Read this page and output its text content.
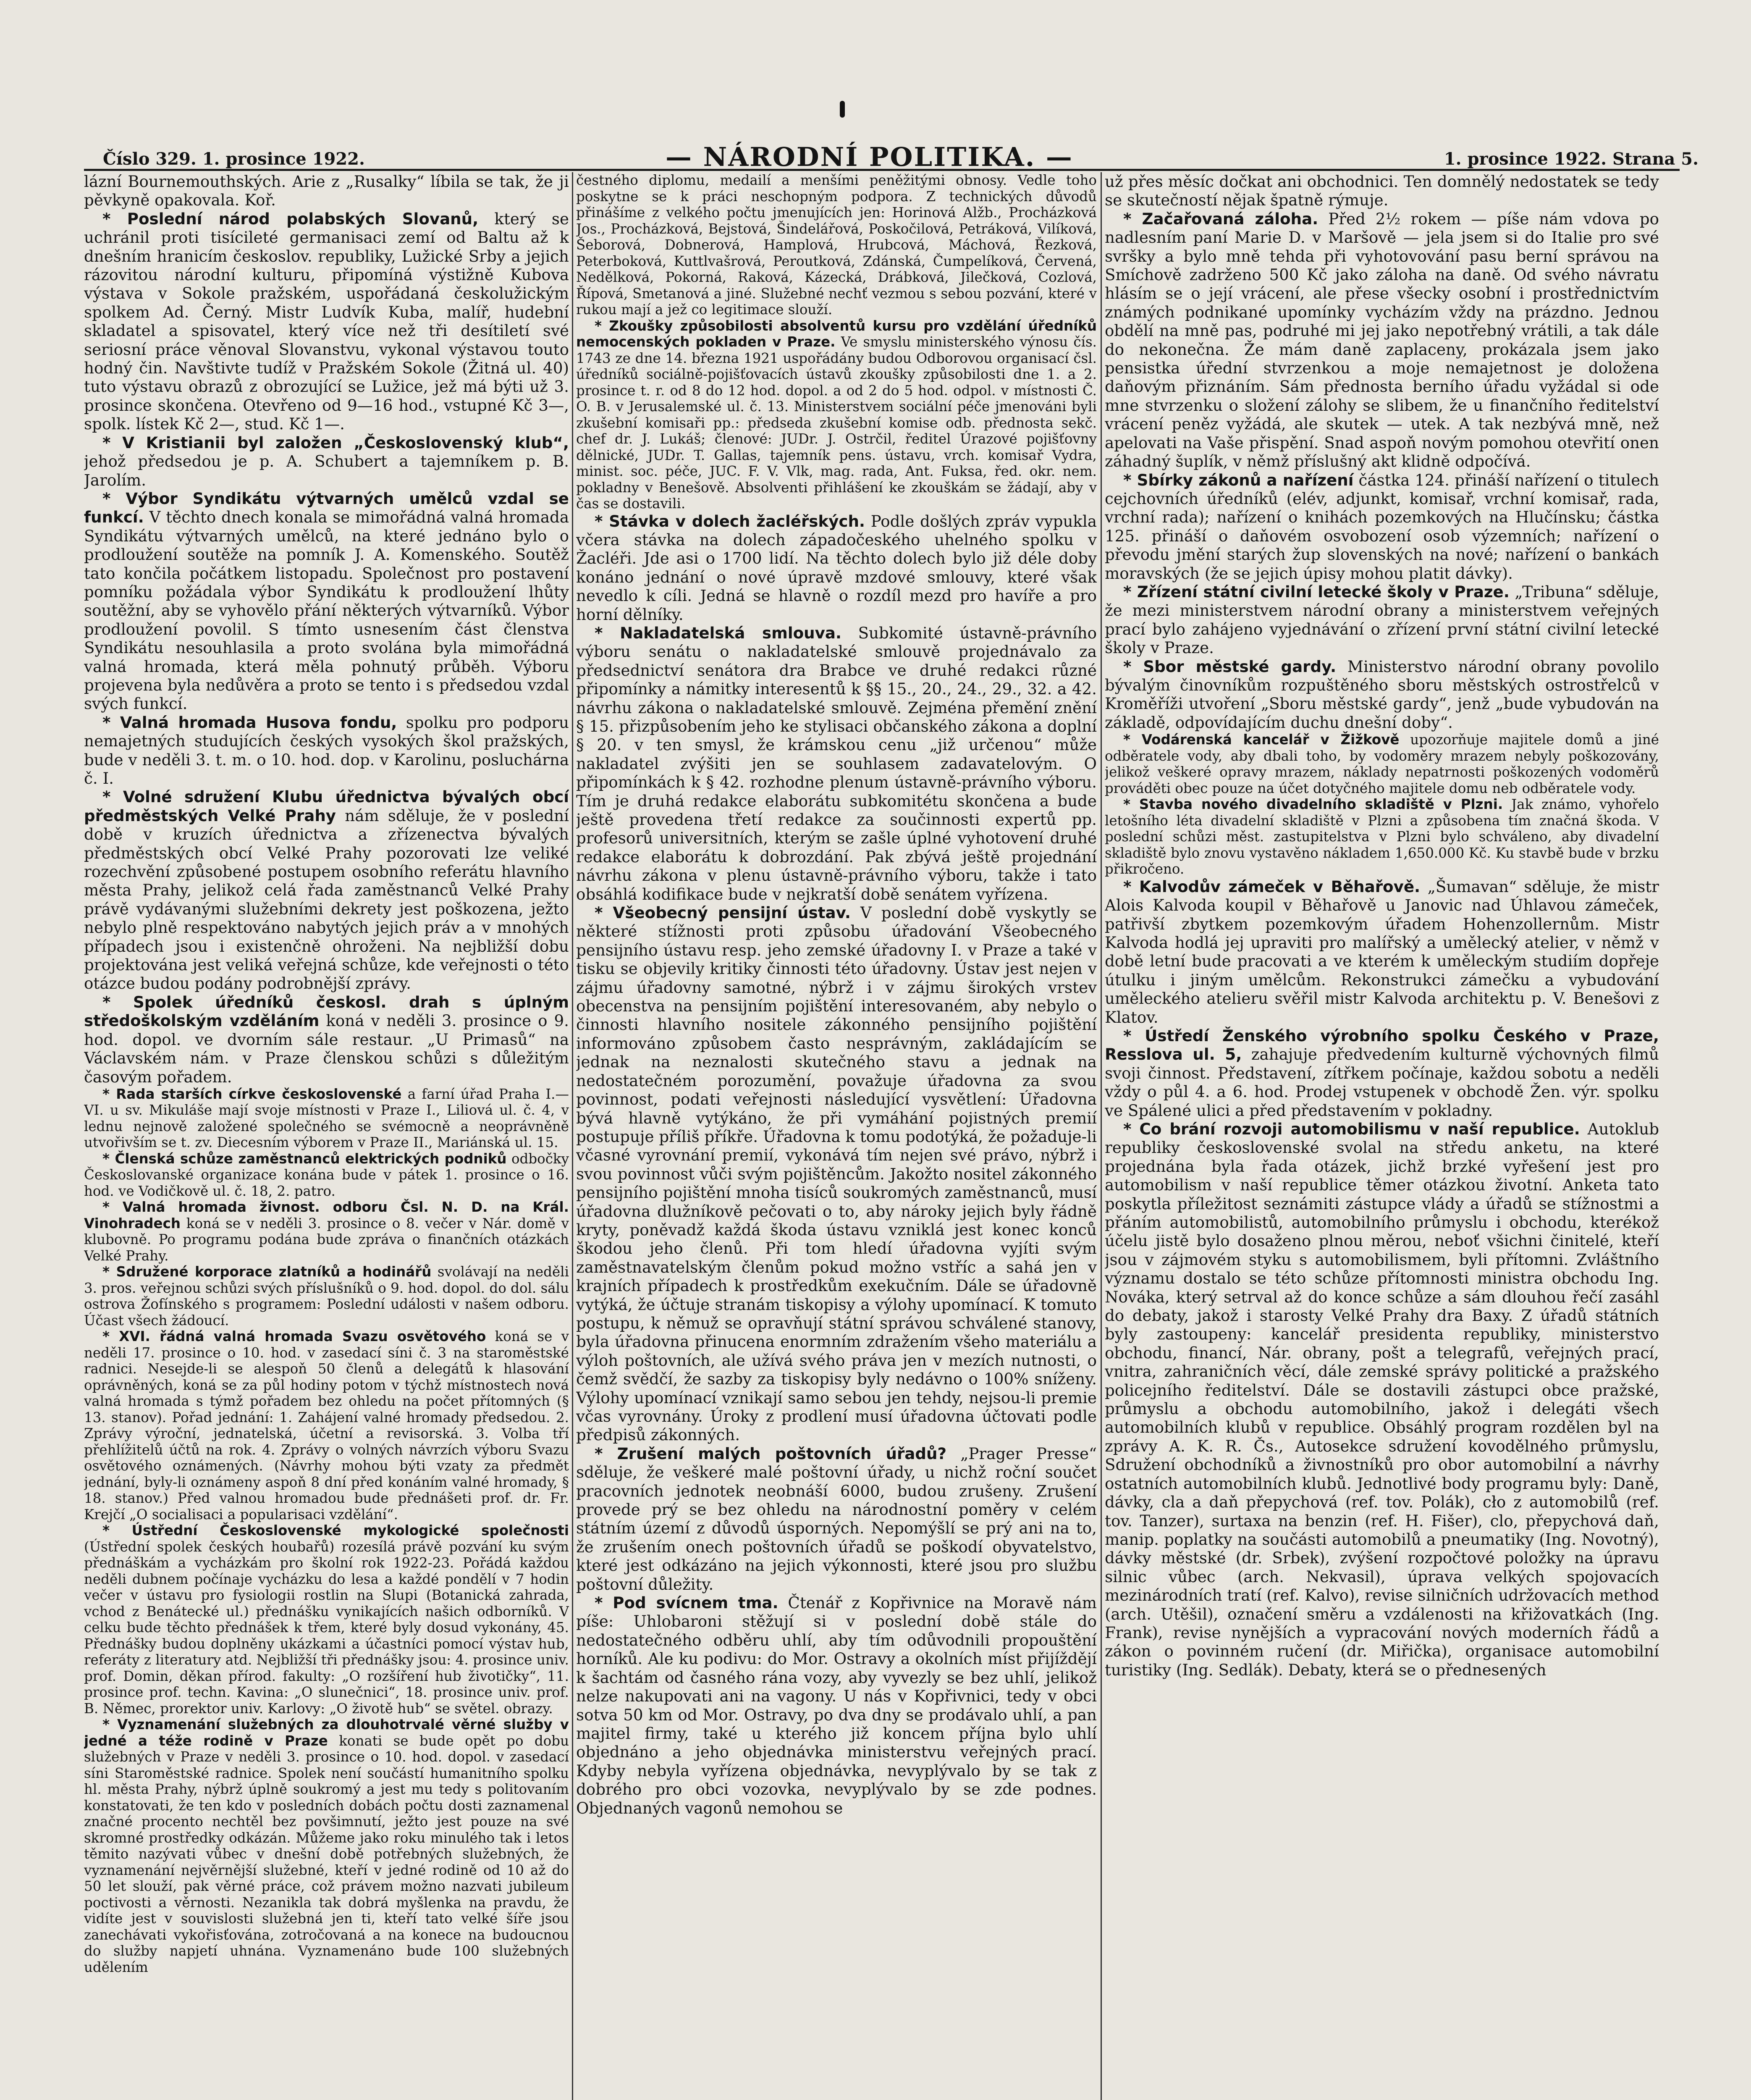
Číslo 329. 1. prosince 1922.	— NÁRODNÍ POLITIKA. —	1. prosince 1922. Strana 5.

lázní Bournemouthských. Arie z „Rusalky“ líbila se tak, že ji pěvkyně opakovala. Koř.

* Poslední národ polabských Slovanů, který se uchránil proti tisícileté germanisaci zemí od Baltu až k dnešním hranicím českoslov. republiky, Lužické Srby a jejich rázovitou národní kulturu, připomíná výstižně Kubova výstava v Sokole pražském, uspořádaná českolužickým spolkem Ad. Černý. Mistr Ludvík Kuba, malíř, hudební skladatel a spisovatel, který více než tři desítiletí své seriosní práce věnoval Slovanstvu, vykonal výstavou touto hodný čin. Navštivte tudíž v Pražském Sokole (Žitná ul. 40) tuto výstavu obrazů z obrozující se Lužice, jež má býti už 3. prosince skončena. Otevřeno od 9—16 hod., vstupné Kč 3—, spolk. lístek Kč 2—, stud. Kč 1—.

* V Kristianii byl založen „Československý klub“, jehož předsedou je p. A. Schubert a tajemníkem p. B. Jarolím.

* Výbor Syndikátu výtvarných umělců vzdal se funkcí. V těchto dnech konala se mimořádná valná hromada Syndikátu výtvarných umělců, na které jednáno bylo o prodloužení soutěže na pomník J. A. Komenského. Soutěž tato končila počátkem listopadu. Společnost pro postavení pomníku požádala výbor Syndikátu k prodloužení lhůty soutěžní, aby se vyhovělo přání některých výtvarníků. Výbor prodloužení povolil. S tímto usnesením část členstva Syndikátu nesouhlasila a proto svolána byla mimořádná valná hromada, která měla pohnutý průběh. Výboru projevena byla nedůvěra a proto se tento i s předsedou vzdal svých funkcí.

* Valná hromada Husova fondu, spolku pro podporu nemajetných studujících českých vysokých škol pražských, bude v neděli 3. t. m. o 10. hod. dop. v Karolinu, posluchárna č. I.

* Volné sdružení Klubu úřednictva bývalých obcí předměstských Velké Prahy nám sděluje, že v poslední době v kruzích úřednictva a zřízenectva bývalých předměstských obcí Velké Prahy pozorovati lze veliké rozechvění způsobené postupem osobního referátu hlavního města Prahy, jelikož celá řada zaměstnanců Velké Prahy právě vydávanými služebními dekrety jest poškozena, ježto nebylo plně respektováno nabytých jejich práv a v mnohých případech jsou i existenčně ohroženi. Na nejbližší dobu projektována jest veliká veřejná schůze, kde veřejnosti o této otázce budou podány podrobnější zprávy.

* Spolek úředníků českosl. drah s úplným středoškolským vzděláním koná v neděli 3. prosince o 9. hod. dopol. ve dvorním sále restaur. „U Primasů“ na Václavském nám. v Praze členskou schůzi s důležitým časovým pořadem.

* Rada starších církve československé a farní úřad Praha I.—VI. u sv. Mikuláše mají svoje místnosti v Praze I., Liliová ul. č. 4, v lednu nejnově založené společného se svémocně a neoprávněně utvořivším se t. zv. Diecesním výborem v Praze II., Mariánská ul. 15.

* Členská schůze zaměstnanců elektrických podniků odbočky Českoslovanské organizace konána bude v pátek 1. prosince o 16. hod. ve Vodičkově ul. č. 18, 2. patro.

* Valná hromada živnost. odboru Čsl. N. D. na Král. Vinohradech koná se v neděli 3. prosince o 8. večer v Nár. domě v klubovně. Po programu podána bude zpráva o finančních otázkách Velké Prahy.

* Sdružené korporace zlatníků a hodinářů svolávají na neděli 3. pros. veřejnou schůzi svých příslušníků o 9. hod. dopol. do dol. sálu ostrova Žofínského s programem: Poslední události v našem odboru. Účast všech žádoucí.

* XVI. řádná valná hromada Svazu osvětového koná se v neděli 17. prosince o 10. hod. v zasedací síni č. 3 na staroměstské radnici. Nesejde-li se alespoň 50 členů a delegátů k hlasování oprávněných, koná se za půl hodiny potom v týchž místnostech nová valná hromada s týmž pořadem bez ohledu na počet přítomných (§ 13. stanov). Pořad jednání: 1. Zahájení valné hromady předsedou. 2. Zprávy výroční, jednatelská, účetní a revisorská. 3. Volba tří přehlížitelů účtů na rok. 4. Zprávy o volných návrzích výboru Svazu osvětového oznámených. (Návrhy mohou býti vzaty za předmět jednání, byly-li oznámeny aspoň 8 dní před konáním valné hromady, § 18. stanov.) Před valnou hromadou bude přednášeti prof. dr. Fr. Krejčí „O socialisaci a popularisaci vzdělání“.

* Ústřední Československé mykologické společnosti (Ústřední spolek českých houbařů) rozesílá právě pozvání ku svým přednáškám a vycházkám pro školní rok 1922-23. Pořádá každou neděli dubnem počínaje vycházku do lesa a každé pondělí v 7 hodin večer v ústavu pro fysiologii rostlin na Slupi (Botanická zahrada, vchod z Benátecké ul.) přednášku vynikajících našich odborníků. V celku bude těchto přednášek k třem, které byly dosud vykonány, 45. Přednášky budou doplněny ukázkami a účastníci pomocí výstav hub, referáty z literatury atd. Nejbližší tři přednášky jsou: 4. prosince univ. prof. Domin, děkan přírod. fakulty: „O rozšíření hub životičky“, 11. prosince prof. techn. Kavina: „O slunečnici“, 18. prosince univ. prof. B. Němec, prorektor univ. Karlovy: „O životě hub“ se světel. obrazy.

* Vyznamenání služebných za dlouhotrvalé věrné služby v jedné a téže rodině v Praze konati se bude opět po dobu služebných v Praze v neděli 3. prosince o 10. hod. dopol. v zasedací síni Staroměstské radnice. Spolek není součástí humanitního spolku hl. města Prahy, nýbrž úplně soukromý a jest mu tedy s politovaním konstatovati, že ten kdo v posledních dobách počtu dosti zaznamenal značné procento nechtěl bez povšimnutí, ježto jest pouze na své skromné prostředky odkázán. Můžeme jako roku minulého tak i letos těmito nazývati vůbec v dnešní době potřebných služebných, že vyznamenání nejvěrnější služebné, kteří v jedné rodině od 10 až do 50 let slouží, pak věrné práce, což právem možno nazvati jubileum poctivosti a věrnosti. Nezanikla tak dobrá myšlenka na pravdu, že vidíte jest v souvislosti služebná jen ti, kteří tato velké šíře jsou zanechávati vykořisťována, zotročovaná a na konece na budoucnou do služby napjetí uhnána. Vyznamenáno bude 100 služebných udělením

čestného diplomu, medailí a menšími peněžitými obnosy. Vedle toho poskytne se k práci neschopným podpora. Z technických důvodů přinášíme z velkého počtu jmenujících jen: Horinová Alžb., Procházková Jos., Procházková, Bejstová, Šindelářová, Poskočilová, Petráková, Vilíková, Šeborová, Dobnerová, Hamplová, Hrubcová, Máchová, Řezková, Peterboková, Kuttlvašrová, Peroutková, Zdánská, Čumpelíková, Červená, Nedělková, Pokorná, Raková, Kázecká, Drábková, Jilečková, Cozlová, Řípová, Smetanová a jiné. Služebné nechť vezmou s sebou pozvání, které v rukou mají a jež co legitimace slouží.

* Zkoušky způsobilosti absolventů kursu pro vzdělání úředníků nemocenských pokladen v Praze. Ve smyslu ministerského výnosu čís. 1743 ze dne 14. března 1921 uspořádány budou Odborovou organisací čsl. úředníků sociálně-pojišťovacích ústavů zkoušky způsobilosti dne 1. a 2. prosince t. r. od 8 do 12 hod. dopol. a od 2 do 5 hod. odpol. v místnosti Č. O. B. v Jerusalemské ul. č. 13. Ministerstvem sociální péče jmenováni byli zkušební komisaři pp.: předseda zkušební komise odb. přednosta sekč. chef dr. J. Lukáš; členové: JUDr. J. Ostrčil, ředitel Úrazové pojišťovny dělnické, JUDr. T. Gallas, tajemník pens. ústavu, vrch. komisař Vydra, minist. soc. péče, JUC. F. V. Vlk, mag. rada, Ant. Fuksa, řed. okr. nem. pokladny v Benešově. Absolventi přihlášení ke zkouškám se žádají, aby v čas se dostavili.

* Stávka v dolech žacléřských. Podle došlých zpráv vypukla včera stávka na dolech západočeského uhelného spolku v Žacléři. Jde asi o 1700 lidí. Na těchto dolech bylo již déle doby konáno jednání o nové úpravě mzdové smlouvy, které však nevedlo k cíli. Jedná se hlavně o rozdíl mezd pro havíře a pro horní dělníky.

* Nakladatelská smlouva. Subkomité ústavně-právního výboru senátu o nakladatelské smlouvě projednávalo za předsednictví senátora dra Brabce ve druhé redakci různé připomínky a námitky interesentů k §§ 15., 20., 24., 29., 32. a 42. návrhu zákona o nakladatelské smlouvě. Zejména přemění znění § 15. přizpůsobením jeho ke stylisaci občanského zákona a doplní § 20. v ten smysl, že krámskou cenu „již určenou“ může nakladatel zvýšiti jen se souhlasem zadavatelovým. O připomínkách k § 42. rozhodne plenum ústavně-právního výboru. Tím je druhá redakce elaborátu subkomitétu skončena a bude ještě provedena třetí redakce za součinnosti expertů pp. profesorů universitních, kterým se zašle úplné vyhotovení druhé redakce elaborátu k dobrozdání. Pak zbývá ještě projednání návrhu zákona v plenu ústavně-právního výboru, takže i tato obsáhlá kodifikace bude v nejkratší době senátem vyřízena.

* Všeobecný pensijní ústav. V poslední době vyskytly se některé stížnosti proti způsobu úřadování Všeobecného pensijního ústavu resp. jeho zemské úřadovny I. v Praze a také v tisku se objevily kritiky činnosti této úřadovny. Ústav jest nejen v zájmu úřadovny samotné, nýbrž i v zájmu širokých vrstev obecenstva na pensijním pojištění interesovaném, aby nebylo o činnosti hlavního nositele zákonného pensijního pojištění informováno způsobem často nesprávným, zakládajícím se jednak na neznalosti skutečného stavu a jednak na nedostatečném porozumění, považuje úřadovna za svou povinnost, podati veřejnosti následující vysvětlení: Úřadovna bývá hlavně vytýkáno, že při vymáhání pojistných premií postupuje příliš příkře. Úřadovna k tomu podotýká, že požaduje-li včasné vyrovnání premií, vykonává tím nejen své právo, nýbrž i svou povinnost vůči svým pojištěncům. Jakožto nositel zákonného pensijního pojištění mnoha tisíců soukromých zaměstnanců, musí úřadovna dlužníkově pečovati o to, aby nároky jejich byly řádně kryty, poněvadž každá škoda ústavu vzniklá jest konec konců škodou jeho členů. Při tom hledí úřadovna vyjíti svým zaměstnavatelským členům pokud možno vstříc a sahá jen v krajních případech k prostředkům exekučním. Dále se úřadovně vytýká, že účtuje stranám tiskopisy a výlohy upomínací. K tomuto postupu, k němuž se opravňují státní správou schválené stanovy, byla úřadovna přinucena enormním zdražením všeho materiálu a výloh poštovních, ale užívá svého práva jen v mezích nutnosti, o čemž svědčí, že sazby za tiskopisy byly nedávno o 100% sníženy. Výlohy upomínací vznikají samo sebou jen tehdy, nejsou-li premie včas vyrovnány. Úroky z prodlení musí úřadovna účtovati podle předpisů zákonných.

* Zrušení malých poštovních úřadů? „Prager Presse“ sděluje, že veškeré malé poštovní úřady, u nichž roční součet pracovních jednotek neobnáší 6000, budou zrušeny. Zrušení provede prý se bez ohledu na národnostní poměry v celém státním území z důvodů úsporných. Nepomýšlí se prý ani na to, že zrušením onech poštovních úřadů se poškodí obyvatelstvo, které jest odkázáno na jejich výkonnosti, které jsou pro službu poštovní důležity.

* Pod svícnem tma. Čtenář z Kopřivnice na Moravě nám píše: Uhlobaroni stěžují si v poslední době stále do nedostatečného odběru uhlí, aby tím odůvodnili propouštění horníků. Ale ku podivu: do Mor. Ostravy a okolních míst přijíždějí k šachtám od časného rána vozy, aby vyvezly se bez uhlí, jelikož nelze nakupovati ani na vagony. U nás v Kopřivnici, tedy v obci sotva 50 km od Mor. Ostravy, po dva dny se prodávalo uhlí, a pan majitel firmy, také u kterého již koncem příjna bylo uhlí objednáno a jeho objednávka ministerstvu veřejných prací. Kdyby nebyla vyřízena objednávka, nevyplývalo by se tak z dobrého pro obci vozovka, nevyplývalo by se zde podnes. Objednaných vagonů nemohou se

už přes měsíc dočkat ani obchodnici. Ten domnělý nedostatek se tedy se skutečností nějak špatně rýmuje.

* Začařovaná záloha. Před 2½ rokem — píše nám vdova po nadlesním paní Marie D. v Maršově — jela jsem si do Italie pro své svršky a bylo mně tehda při vyhotovování pasu berní správou na Smíchově zadrženo 500 Kč jako záloha na daně. Od svého návratu hlásím se o její vrácení, ale přese všecky osobní i prostřednictvím známých podnikané upomínky vycházím vždy na prázdno. Jednou obdělí na mně pas, podruhé mi jej jako nepotřebný vrátili, a tak dále do nekonečna. Že mám daně zaplaceny, prokázala jsem jako pensistka úřední stvrzenkou a moje nemajetnost je doložena daňovým přiznáním. Sám přednosta berního úřadu vyžádal si ode mne stvrzenku o složení zálohy se slibem, že u finančního ředitelství vrácení peněz vyžádá, ale skutek — utek. A tak nezbývá mně, než apelovati na Vaše přispění. Snad aspoň novým pomohou otevřití onen záhadný šuplík, v němž příslušný akt klidně odpočívá.

* Sbírky zákonů a nařízení částka 124. přináší nařízení o titulech cejchovních úředníků (elév, adjunkt, komisař, vrchní komisař, rada, vrchní rada); nařízení o knihách pozemkových na Hlučínsku; částka 125. přináší o daňovém osvobození osob výzemních; nařízení o převodu jmění starých žup slovenských na nové; nařízení o bankách moravských (že se jejich úpisy mohou platit dávky).

* Zřízení státní civilní letecké školy v Praze. „Tribuna“ sděluje, že mezi ministerstvem národní obrany a ministerstvem veřejných prací bylo zahájeno vyjednávání o zřízení první státní civilní letecké školy v Praze.

* Sbor městské gardy. Ministerstvo národní obrany povolilo bývalým činovníkům rozpuštěného sboru městských ostrostřelců v Kroměříži utvoření „Sboru městské gardy“, jenž „bude vybudován na základě, odpovídajícím duchu dnešní doby“.

* Vodárenská kancelář v Žižkově upozorňuje majitele domů a jiné odběratele vody, aby dbali toho, by vodoměry mrazem nebyly poškozovány, jelikož veškeré opravy mrazem, náklady nepatrnosti poškozených vodoměrů prováděti obec pouze na účet dotyčného majitele domu neb odběratele vody.

* Stavba nového divadelního skladiště v Plzni. Jak známo, vyhořelo letošního léta divadelní skladiště v Plzni a způsobena tím značná škoda. V poslední schůzi měst. zastupitelstva v Plzni bylo schváleno, aby divadelní skladiště bylo znovu vystavěno nákladem 1,650.000 Kč. Ku stavbě bude v brzku přikročeno.

* Kalvodův zámeček v Běhařově. „Šumavan“ sděluje, že mistr Alois Kalvoda koupil v Běhařově u Janovic nad Úhlavou zámeček, patřivší zbytkem pozemkovým úřadem Hohenzollernům. Mistr Kalvoda hodlá jej upraviti pro malířský a umělecký atelier, v němž v době letní bude pracovati a ve kterém k uměleckým studiím dopřeje útulku i jiným umělcům. Rekonstrukci zámečku a vybudování uměleckého atelieru svěřil mistr Kalvoda architektu p. V. Benešovi z Klatov.

* Ústředí Ženského výrobního spolku Českého v Praze, Resslova ul. 5, zahajuje předvedením kulturně výchovných filmů svoji činnost. Představení, zítřkem počínaje, každou sobotu a neděli vždy o půl 4. a 6. hod. Prodej vstupenek v obchodě Žen. výr. spolku ve Spálené ulici a před představením v pokladny.

* Co brání rozvoji automobilismu v naší republice. Autoklub republiky československé svolal na středu anketu, na které projednána byla řada otázek, jichž brzké vyřešení jest pro automobilism v naší republice těmer otázkou životní. Anketa tato poskytla příležitost seznámiti zástupce vlády a úřadů se stížnostmi a přáním automobilistů, automobilního průmyslu i obchodu, kterékož účelu jistě bylo dosaženo plnou měrou, neboť všichni činitelé, kteří jsou v zájmovém styku s automobilismem, byli přítomni. Zvláštního významu dostalo se této schůze přítomnosti ministra obchodu Ing. Nováka, který setrval až do konce schůze a sám dlouhou řečí zasáhl do debaty, jakož i starosty Velké Prahy dra Baxy. Z úřadů státních byly zastoupeny: kancelář presidenta republiky, ministerstvo obchodu, financí, Nár. obrany, pošt a telegrafů, veřejných prací, vnitra, zahraničních věcí, dále zemské správy politické a pražského policejního ředitelství. Dále se dostavili zástupci obce pražské, průmyslu a obchodu automobilního, jakož i delegáti všech automobilních klubů v republice. Obsáhlý program rozdělen byl na zprávy A. K. R. Čs., Autosekce sdružení kovodělného průmyslu, Sdružení obchodníků a živnostníků pro obor automobilní a návrhy ostatních automobilních klubů. Jednotlivé body programu byly: Daně, dávky, cla a daň přepychová (ref. tov. Polák), cło z automobilů (ref. tov. Tanzer), surtaxa na benzin (ref. H. Fišer), clo, přepychová daň, manip. poplatky na součásti automobilů a pneumatiky (Ing. Novotný), dávky městské (dr. Srbek), zvýšení rozpočtové položky na úpravu silnic vůbec (arch. Nekvasil), úprava velkých spojovacích mezinárodních tratí (ref. Kalvo), revise silničních udržovacích method (arch. Utěšil), označení směru a vzdálenosti na křižovatkách (Ing. Frank), revise nynějších a vypracování nových moderních řádů a zákon o povinném ručení (dr. Miřička), organisace automobilní turistiky (Ing. Sedlák). Debaty, která se o přednesených
